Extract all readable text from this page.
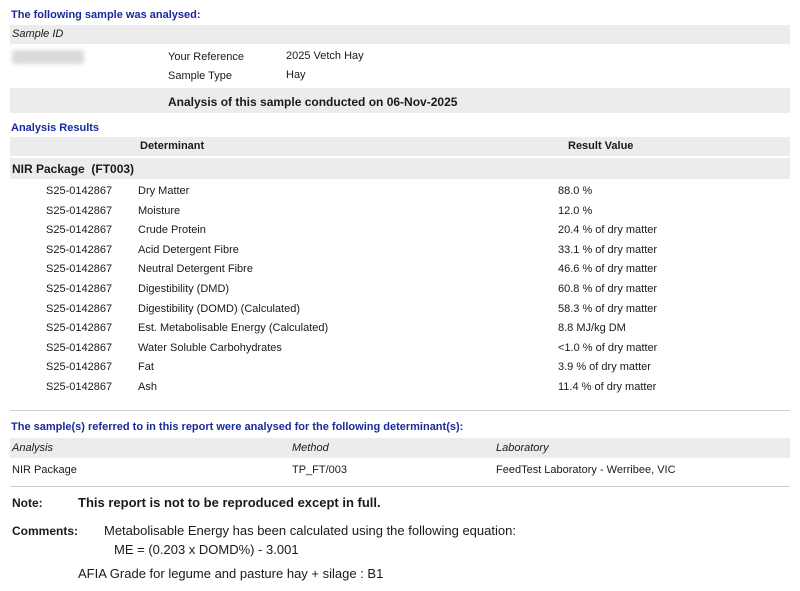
The following sample was analysed:
Sample ID
Your Reference	2025 Vetch Hay
Sample Type	Hay
Analysis of this sample conducted on 06-Nov-2025
Analysis Results
Determinant	Result Value
NIR Package  (FT003)
S25-0142867 Dry Matter	88.0 %
S25-0142867 Moisture	12.0 %
S25-0142867 Crude Protein	20.4 % of dry matter
S25-0142867 Acid Detergent Fibre	33.1 % of dry matter
S25-0142867 Neutral Detergent Fibre	46.6 % of dry matter
S25-0142867 Digestibility (DMD)	60.8 % of dry matter
S25-0142867 Digestibility (DOMD) (Calculated)	58.3 % of dry matter
S25-0142867 Est. Metabolisable Energy (Calculated)	8.8 MJ/kg DM
S25-0142867 Water Soluble Carbohydrates	<1.0 % of dry matter
S25-0142867 Fat	3.9 % of dry matter
S25-0142867 Ash	11.4 % of dry matter
The sample(s) referred to in this report were analysed for the following determinant(s):
Analysis	Method	Laboratory
NIR Package	TP_FT/003	FeedTest Laboratory - Werribee, VIC
Note:	This report is not to be reproduced except in full.
Comments: Metabolisable Energy has been calculated using the following equation:
ME = (0.203 x DOMD%) - 3.001
AFIA Grade for legume and pasture hay + silage : B1
